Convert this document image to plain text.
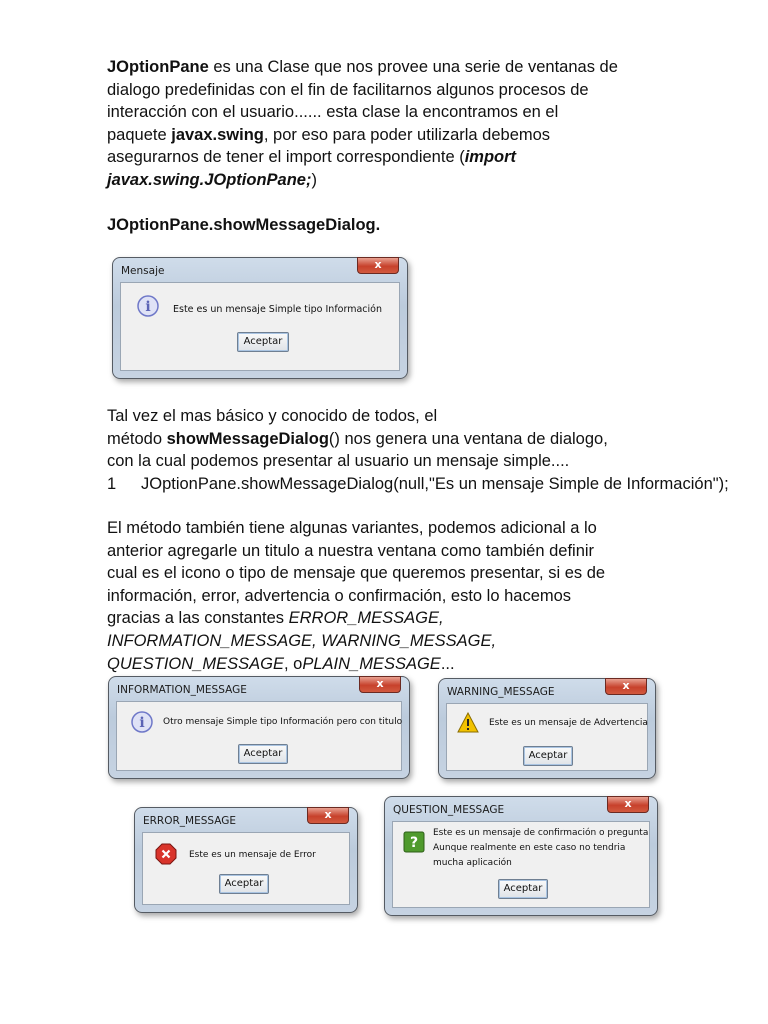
JOptionPane es una Clase que nos provee una serie de ventanas de
dialogo predefinidas con el fin de facilitarnos algunos procesos de
interacción con el usuario...... esta clase la encontramos en el
paquete javax.swing, por eso para poder utilizarla debemos
asegurarnos de tener el import correspondiente (import
javax.swing.JOptionPane;)
JOptionPane.showMessageDialog.
Mensaje	x
i Este es un mensaje Simple tipo Información
Aceptar
Tal vez el mas básico y conocido de todos, el
método showMessageDialog() nos genera una ventana de dialogo,
con la cual podemos presentar al usuario un mensaje simple....
1 JOptionPane.showMessageDialog(null,"Es un mensaje Simple de Información");
El método también tiene algunas variantes, podemos adicional a lo
anterior agregarle un titulo a nuestra ventana como también definir
cual es el icono o tipo de mensaje que queremos presentar, si es de
información, error, advertencia o confirmación, esto lo hacemos
gracias a las constantes ERROR_MESSAGE,
INFORMATION_MESSAGE, WARNING_MESSAGE,
QUESTION_MESSAGE, oPLAIN_MESSAGE...
INFORMATION_MESSAGE	x
i Otro mensaje Simple tipo Información pero con titulo
Aceptar
WARNING_MESSAGE	x
Este es un mensaje de Advertencia
Aceptar
ERROR_MESSAGE	x
Este es un mensaje de Error
Aceptar
QUESTION_MESSAGE	x
?
Este es un mensaje de confirmación o pregunta
Aunque realmente en este caso no tendria
mucha aplicación
Aceptar
